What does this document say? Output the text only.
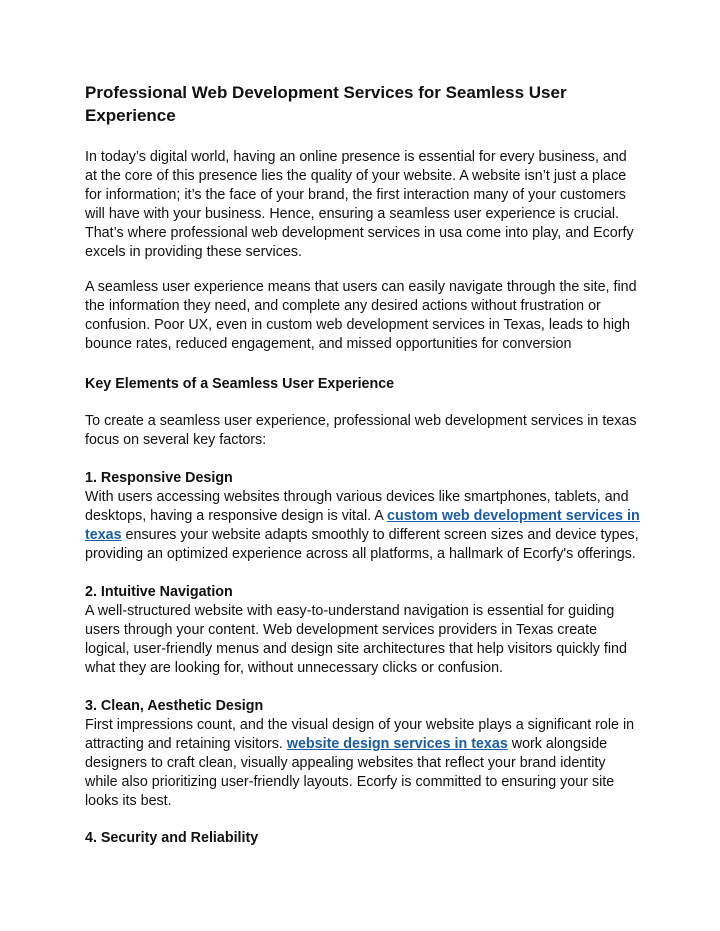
Professional Web Development Services for Seamless User Experience

In today’s digital world, having an online presence is essential for every business, and at the core of this presence lies the quality of your website. A website isn’t just a place for information; it’s the face of your brand, the first interaction many of your customers will have with your business. Hence, ensuring a seamless user experience is crucial. That’s where professional web development services in usa come into play, and Ecorfy excels in providing these services.

A seamless user experience means that users can easily navigate through the site, find the information they need, and complete any desired actions without frustration or confusion. Poor UX, even in custom web development services in Texas, leads to high bounce rates, reduced engagement, and missed opportunities for conversion

Key Elements of a Seamless User Experience

To create a seamless user experience, professional web development services in texas focus on several key factors:

1. Responsive Design

With users accessing websites through various devices like smartphones, tablets, and desktops, having a responsive design is vital. A custom web development services in texas ensures your website adapts smoothly to different screen sizes and device types, providing an optimized experience across all platforms, a hallmark of Ecorfy's offerings.

2. Intuitive Navigation

A well-structured website with easy-to-understand navigation is essential for guiding users through your content. Web development services providers in Texas create logical, user-friendly menus and design site architectures that help visitors quickly find what they are looking for, without unnecessary clicks or confusion.

3. Clean, Aesthetic Design

First impressions count, and the visual design of your website plays a significant role in attracting and retaining visitors. website design services in texas work alongside designers to craft clean, visually appealing websites that reflect your brand identity while also prioritizing user-friendly layouts. Ecorfy is committed to ensuring your site looks its best.

4. Security and Reliability
